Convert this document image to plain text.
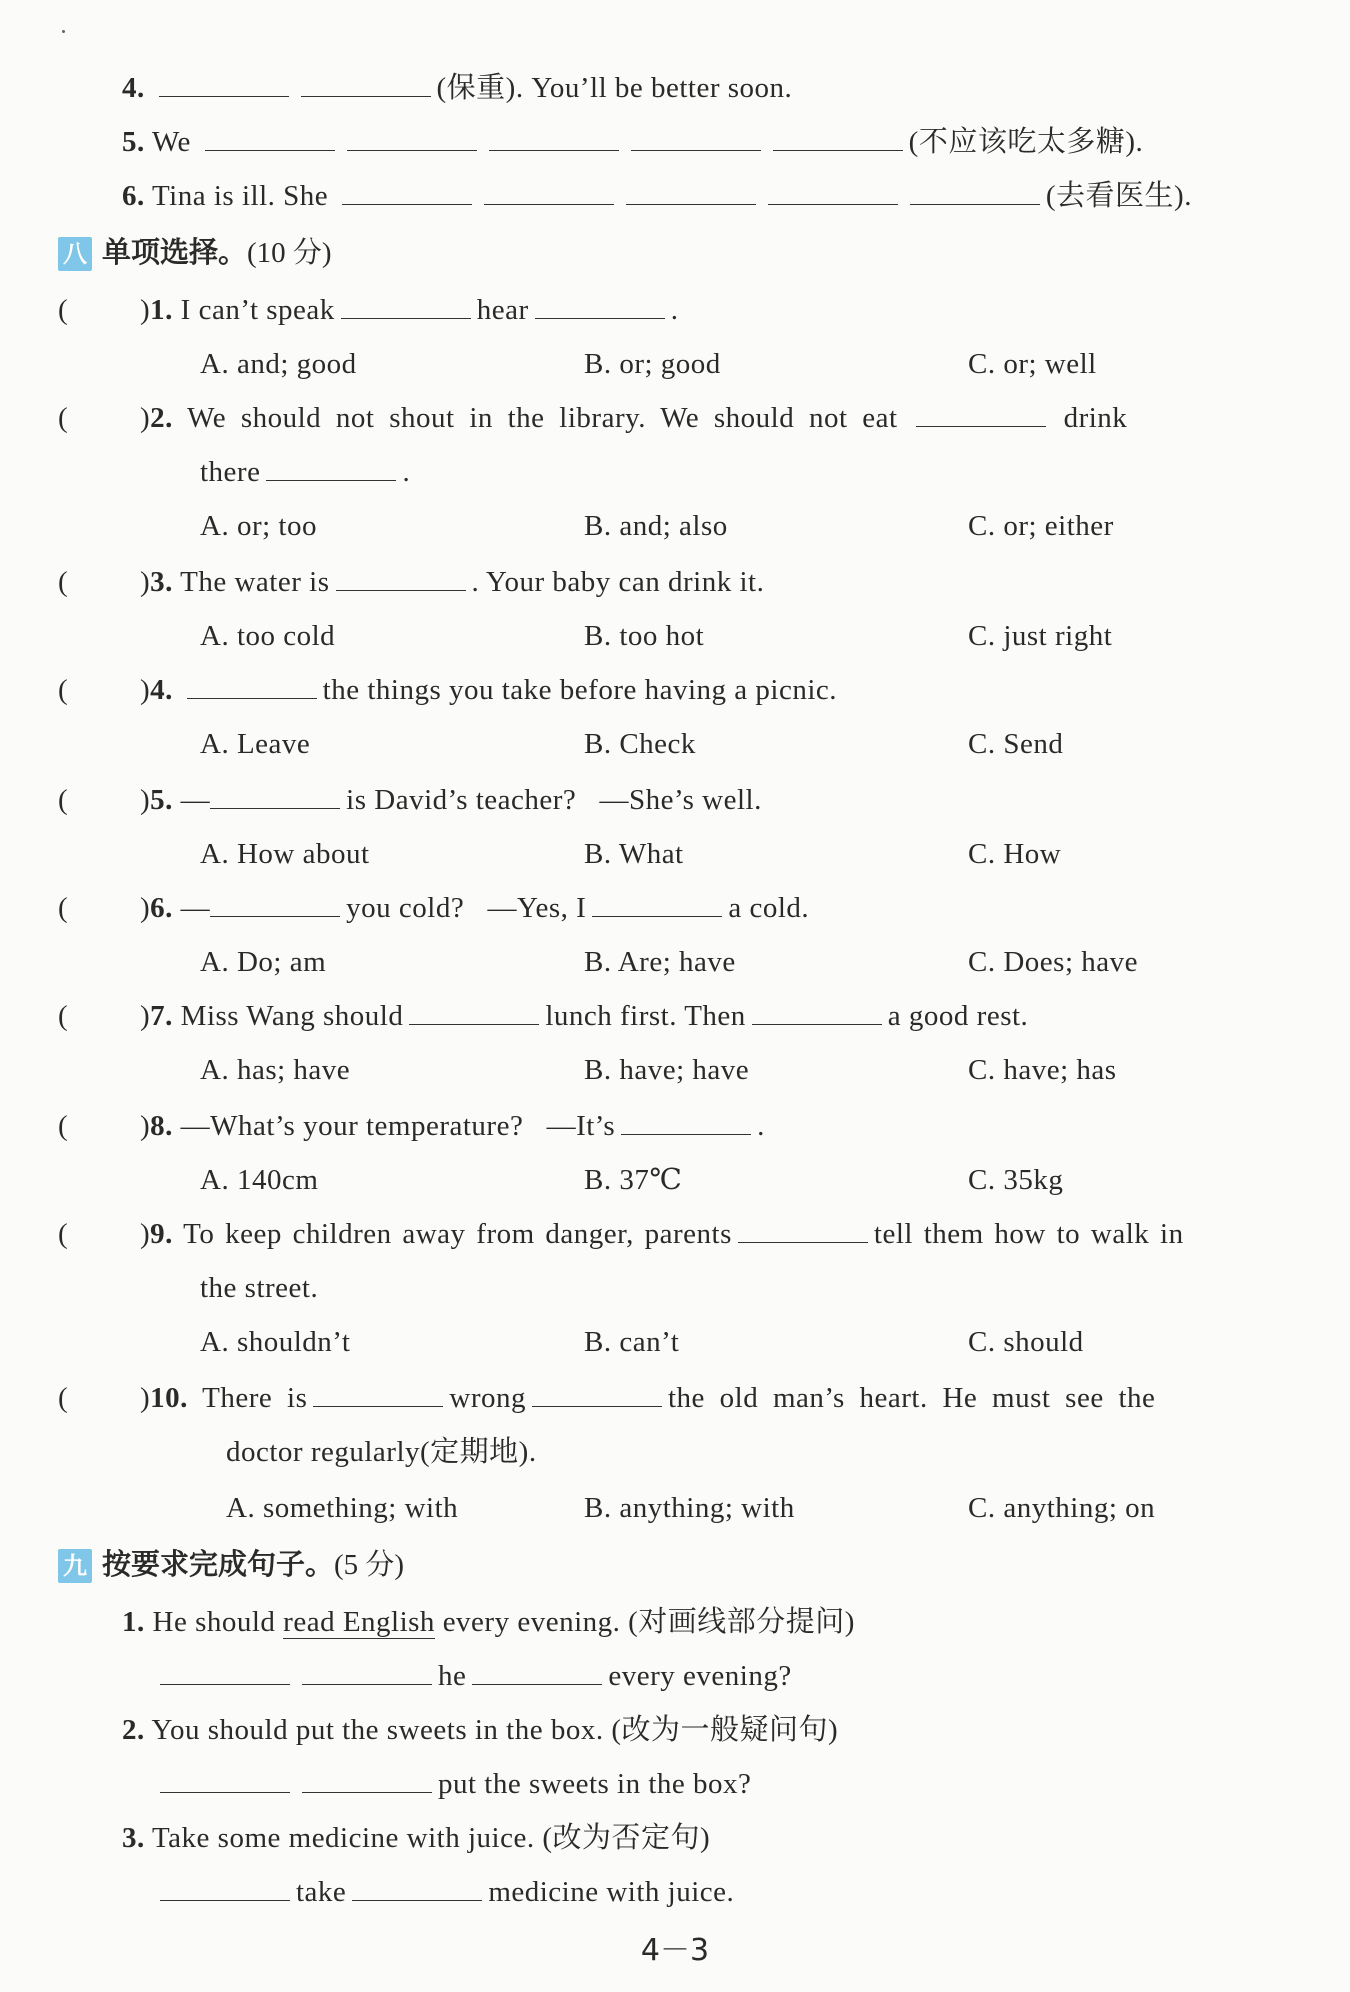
4.	(保重). You’ll be better soon.
5. We	(不应该吃太多糖).
6. Tina is ill. She	(去看医生).
八 单项选择。(10 分)
( )1. I can’t speak	hear	.
A. and; good	B. or; good	C. or; well
( )2. We should not shout in the library. We should not eat	drink
there	.
A. or; too	B. and; also	C. or; either
( )3. The water is	. Your baby can drink it.
A. too cold	B. too hot	C. just right
( )4.	the things you take before having a picnic.
A. Leave	B. Check	C. Send
( )5. —	is David’s teacher?   —She’s well.
A. How about	B. What	C. How
( )6. —	you cold?   —Yes, I	a cold.
A. Do; am	B. Are; have	C. Does; have
( )7. Miss Wang should	lunch first. Then	a good rest.
A. has; have	B. have; have	C. have; has
( )8. —What’s your temperature?   —It’s	.
A. 140cm	B. 37℃	C. 35kg
( )9. To keep children away from danger, parents	tell them how to walk in
the street.
A. shouldn’t	B. can’t	C. should
( )10. There is	wrong	the old man’s heart. He must see the
doctor regularly(定期地).
A. something; with	B. anything; with	C. anything; on
九 按要求完成句子。(5 分)
1. He should read English every evening. (对画线部分提问)
he	every evening?
2. You should put the sweets in the box. (改为一般疑问句)
put the sweets in the box?
3. Take some medicine with juice. (改为否定句)
take	medicine with juice.
4－3
